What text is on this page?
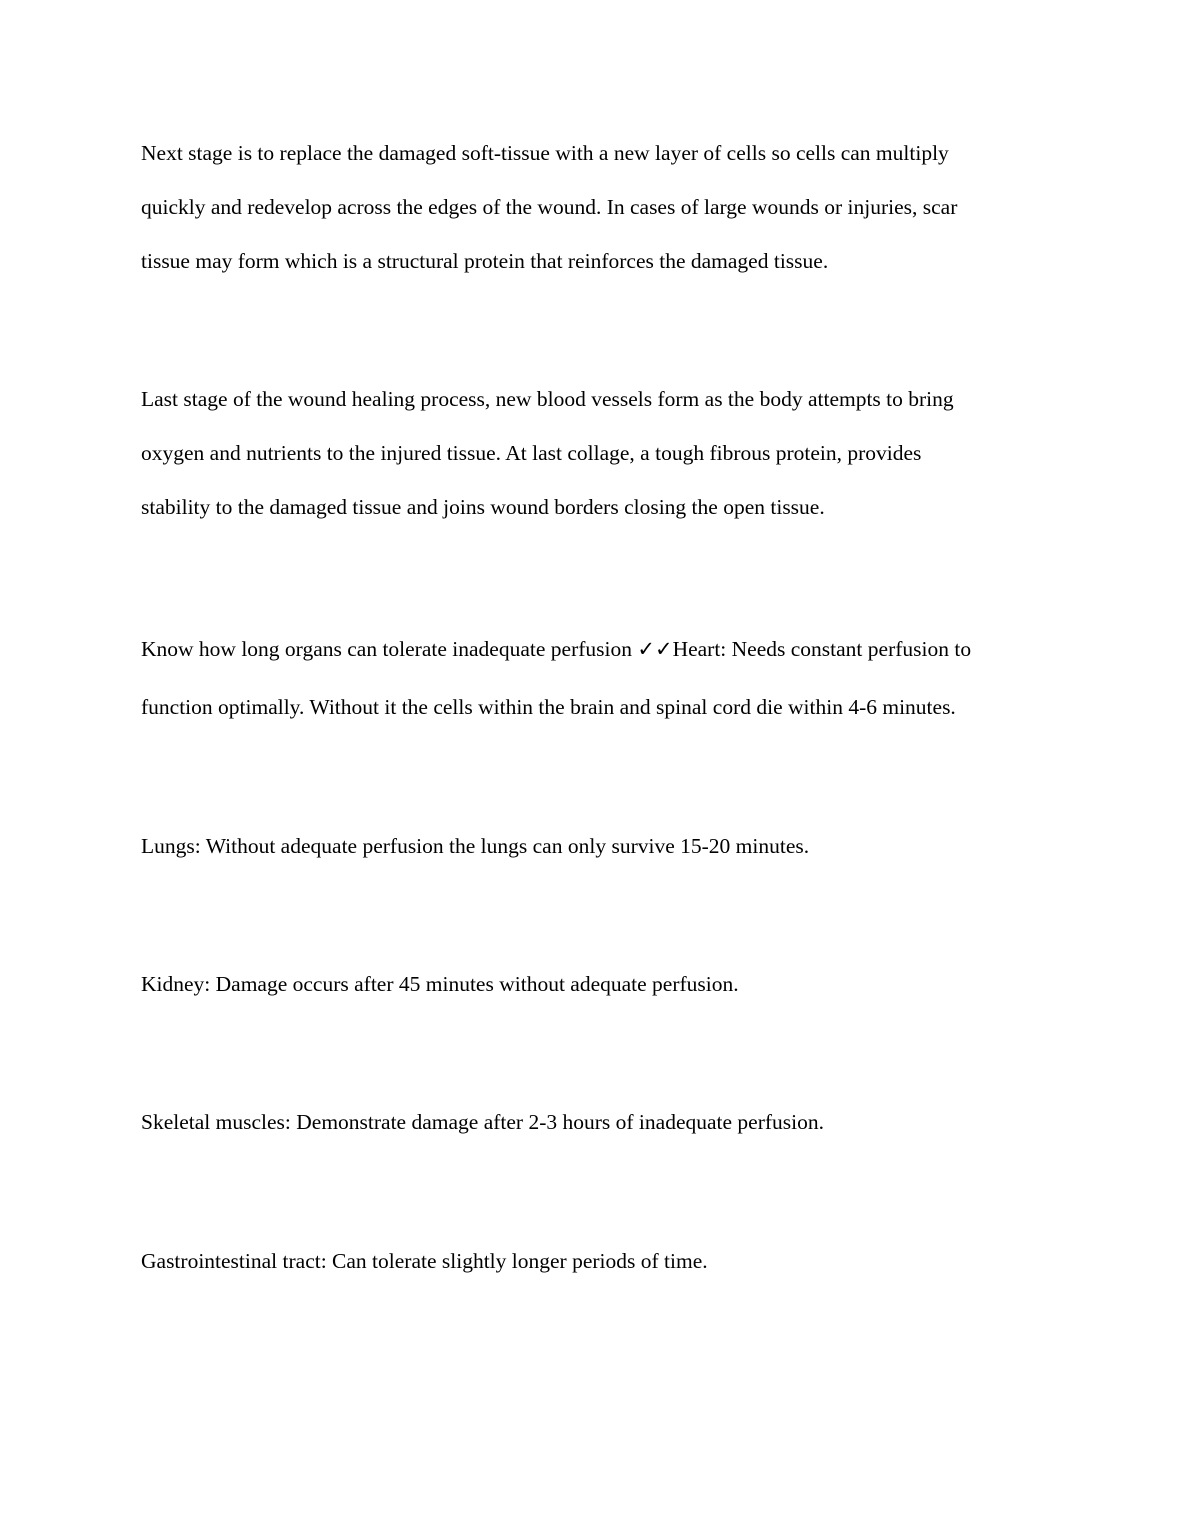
Next stage is to replace the damaged soft-tissue with a new layer of cells so cells can multiply
quickly and redevelop across the edges of the wound. In cases of large wounds or injuries, scar
tissue may form which is a structural protein that reinforces the damaged tissue.
Last stage of the wound healing process, new blood vessels form as the body attempts to bring
oxygen and nutrients to the injured tissue. At last collage, a tough fibrous protein, provides
stability to the damaged tissue and joins wound borders closing the open tissue.
Know how long organs can tolerate inadequate perfusion ✓✓Heart: Needs constant perfusion to
function optimally. Without it the cells within the brain and spinal cord die within 4-6 minutes.
Lungs: Without adequate perfusion the lungs can only survive 15-20 minutes.
Kidney: Damage occurs after 45 minutes without adequate perfusion.
Skeletal muscles: Demonstrate damage after 2-3 hours of inadequate perfusion.
Gastrointestinal tract: Can tolerate slightly longer periods of time.
